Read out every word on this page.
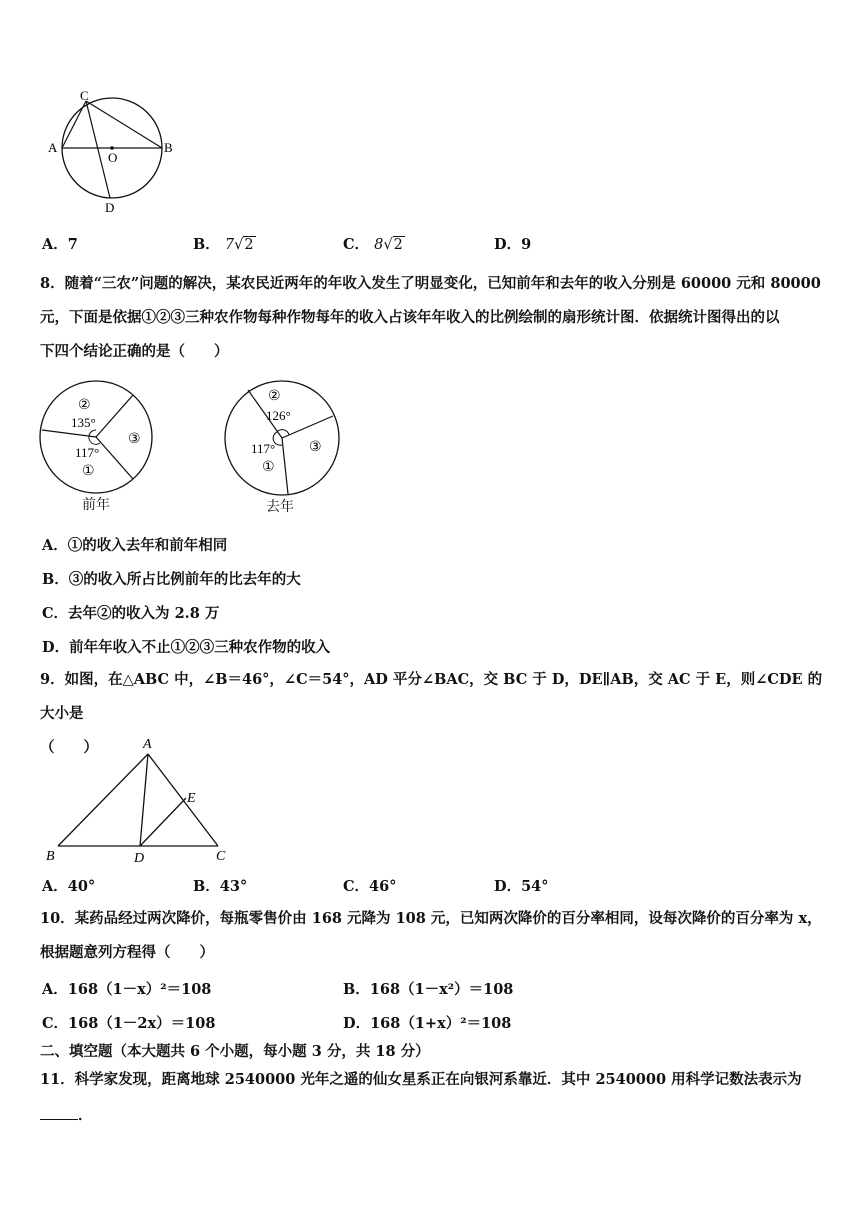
C
A
O
B
D
A．7	B． 7√2	C． 8√2	D．9
8．随着“三农”问题的解决，某农民近两年的年收入发生了明显变化，已知前年和去年的收入分别是 60000 元和 80000
元，下面是依据①②③三种农作物每种作物每年的收入占该年年收入的比例绘制的扇形统计图．依据统计图得出的以
下四个结论正确的是（　　）
②
135°
③
117°
①
前年
②
126°
③
117°
①
去年
A．①的收入去年和前年相同
B．③的收入所占比例前年的比去年的大
C．去年②的收入为 2.8 万
D．前年年收入不止①②③三种农作物的收入
9．如图，在△ABC 中，∠B＝46°，∠C＝54°，AD 平分∠BAC，交 BC 于 D，DE∥AB，交 AC 于 E，则∠CDE 的大小是
（　　）	A
E
B	D	C
A．40°	B．43°	C．46°	D．54°
10．某药品经过两次降价，每瓶零售价由 168 元降为 108 元，已知两次降价的百分率相同，设每次降价的百分率为 x，
根据题意列方程得（　　）
A．168（1－x）²＝108	B．168（1－x²）＝108
C．168（1－2x）＝108	D．168（1+x）²＝108
二、填空题（本大题共 6 个小题，每小题 3 分，共 18 分）
11．科学家发现，距离地球 2540000 光年之遥的仙女星系正在向银河系靠近．其中 2540000 用科学记数法表示为
．
